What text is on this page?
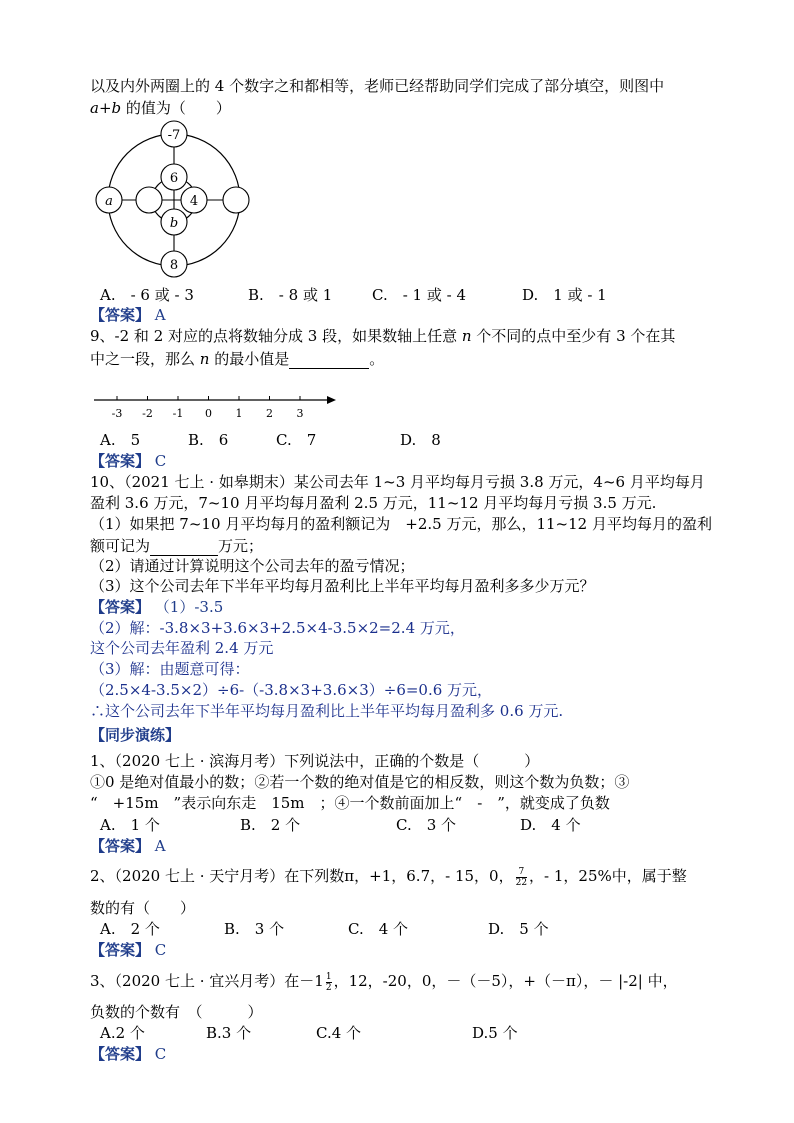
以及内外两圈上的 4 个数字之和都相等，老师已经帮助同学们完成了部分填空，则图中
a+b 的值为（　　）
-7
6
a	4
b
8
A.　- 6 或 - 3	B.　- 8 或 1	C.　- 1 或 - 4	D.　1 或 - 1
【答案】 A
9、-2 和 2 对应的点将数轴分成 3 段，如果数轴上任意 n 个不同的点中至少有 3 个在其
中之一段，那么 n 的最小值是	。
-3 -2 -1 0 1 2 3
A.　5	B.　6	C.　7	D.　8
【答案】 C
10、（2021 七上 · 如皋期末）某公司去年 1~3 月平均每月亏损 3.8 万元，4~6 月平均每月
盈利 3.6 万元，7~10 月平均每月盈利 2.5 万元，11~12 月平均每月亏损 3.5 万元.
（1）如果把 7~10 月平均每月的盈利额记为　+2.5 万元，那么，11~12 月平均每月的盈利
额可记为	万元；
（2）请通过计算说明这个公司去年的盈亏情况；
（3）这个公司去年下半年平均每月盈利比上半年平均每月盈利多多少万元？
【答案】 （1）-3.5
（2）解：-3.8×3+3.6×3+2.5×4-3.5×2=2.4 万元，
这个公司去年盈利 2.4 万元
（3）解：由题意可得：
（2.5×4-3.5×2）÷6-（-3.8×3+3.6×3）÷6=0.6 万元，
∴这个公司去年下半年平均每月盈利比上半年平均每月盈利多 0.6 万元.
【同步演练】
1、（2020 七上 · 滨海月考）下列说法中，正确的个数是（　　　）
①0 是绝对值最小的数；②若一个数的绝对值是它的相反数，则这个数为负数；③
“　+15m　”表示向东走　15m　；④一个数前面加上“　-　”，就变成了负数
A.　1 个	B.　2 个	C.　3 个	D.　4 个
【答案】 A
2、（2020 七上 · 天宁月考）在下列数π，+1，6.7，- 15，0， $\frac{7}{22}$ ，- 1，25%中，属于整
数的有（　　）
A.　2 个	B.　3 个	C.　4 个	D.　5 个
【答案】 C
3、（2020 七上 · 宜兴月考）在$-1 \frac{1}{2}$ ，12，-20，0，－（－5），+（－π），－ |-2| 中，
负数的个数有　（　　　）
A.2 个	B.3 个	C.4 个	D.5 个
【答案】 C
